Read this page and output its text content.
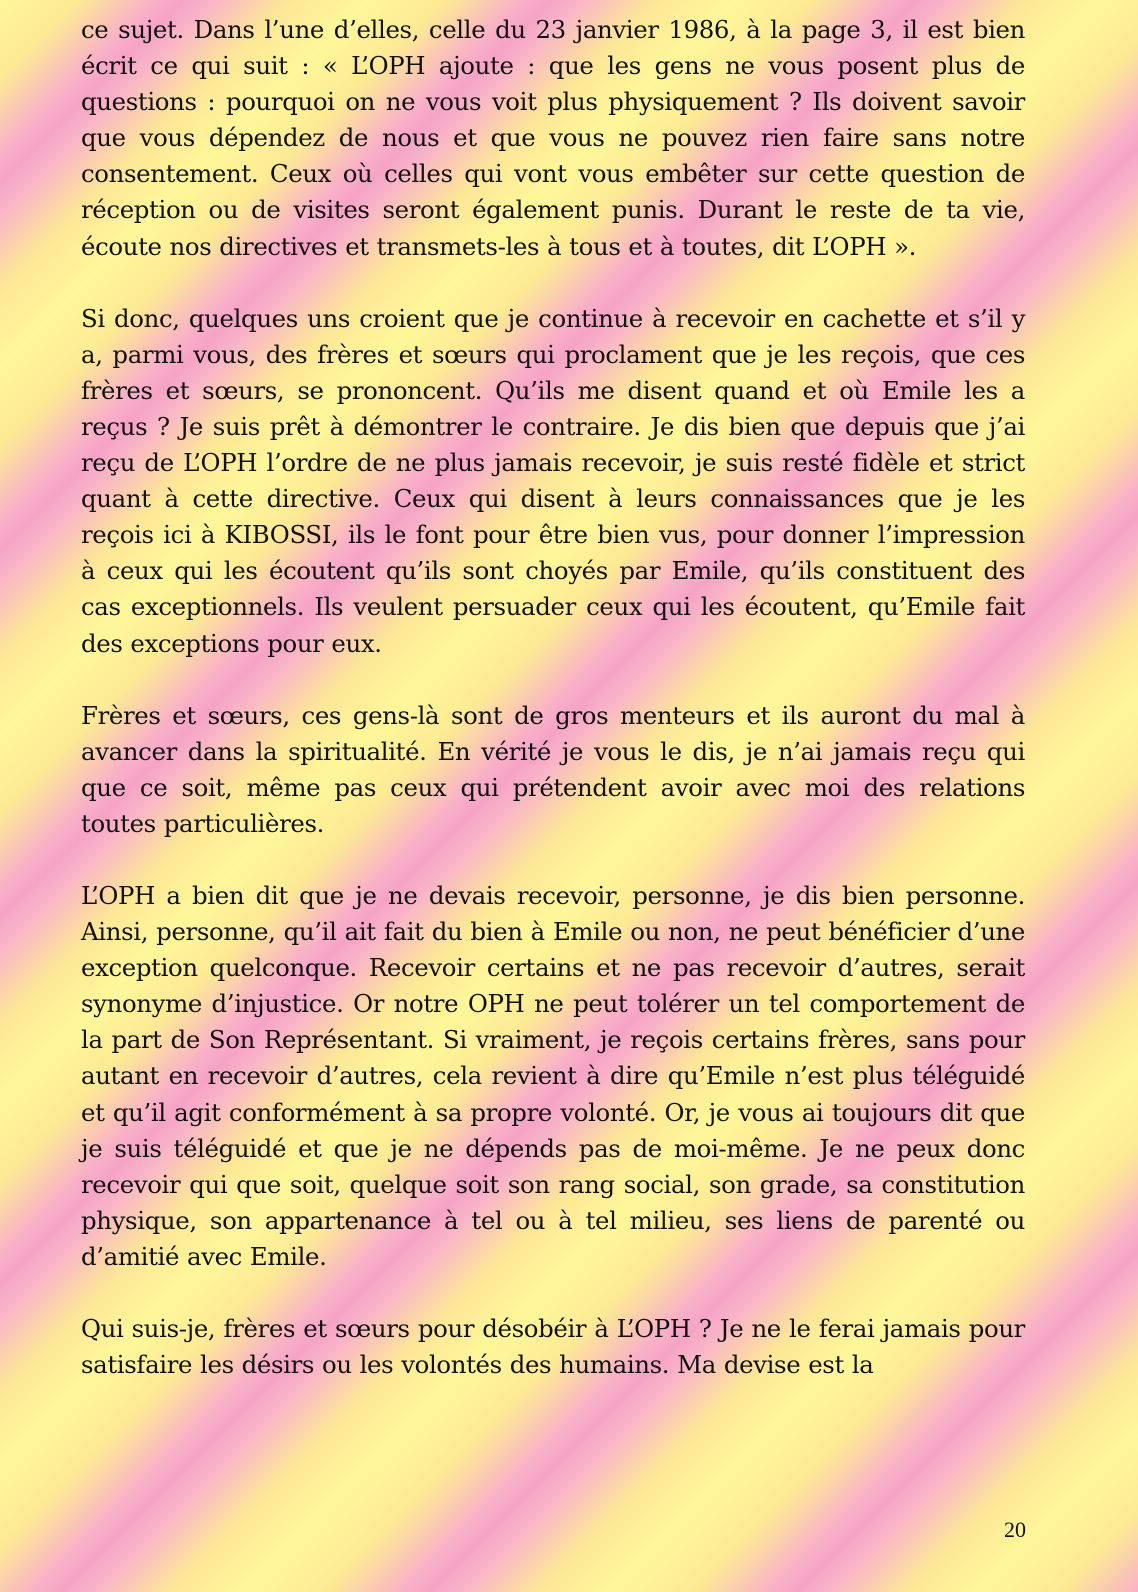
ce sujet. Dans l’une d’elles, celle du 23 janvier 1986, à la page 3, il est bien écrit ce qui suit : « L’OPH ajoute : que les gens ne vous posent plus de questions : pourquoi on ne vous voit plus physiquement ? Ils doivent savoir que vous dépendez de nous et que vous ne pouvez rien faire sans notre consentement. Ceux où celles qui vont vous embêter sur cette question de réception ou de visites seront également punis. Durant le reste de ta vie, écoute nos directives et transmets-les à tous et à toutes, dit L’OPH ».

Si donc, quelques uns croient que je continue à recevoir en cachette et s’il y a, parmi vous, des frères et sœurs qui proclament que je les reçois, que ces frères et sœurs, se prononcent. Qu’ils me disent quand et où Emile les a reçus ? Je suis prêt à démontrer le contraire. Je dis bien que depuis que j’ai reçu de L’OPH l’ordre de ne plus jamais recevoir, je suis resté fidèle et strict quant à cette directive. Ceux qui disent à leurs connaissances que je les reçois ici à KIBOSSI, ils le font pour être bien vus, pour donner l’impression à ceux qui les écoutent qu’ils sont choyés par Emile, qu’ils constituent des cas exceptionnels. Ils veulent persuader ceux qui les écoutent, qu’Emile fait des exceptions pour eux.

Frères et sœurs, ces gens-là sont de gros menteurs et ils auront du mal à avancer dans la spiritualité. En vérité je vous le dis, je n’ai jamais reçu qui que ce soit, même pas ceux qui prétendent avoir avec moi des relations toutes particulières.

L’OPH a bien dit que je ne devais recevoir, personne, je dis bien personne. Ainsi, personne, qu’il ait fait du bien à Emile ou non, ne peut bénéficier d’une exception quelconque. Recevoir certains et ne pas recevoir d’autres, serait synonyme d’injustice. Or notre OPH ne peut tolérer un tel comportement de la part de Son Représentant. Si vraiment, je reçois certains frères, sans pour autant en recevoir d’autres, cela revient à dire qu’Emile n’est plus téléguidé et qu’il agit conformément à sa propre volonté. Or, je vous ai toujours dit que je suis téléguidé et que je ne dépends pas de moi-même. Je ne peux donc recevoir qui que soit, quelque soit son rang social, son grade, sa constitution physique, son appartenance à tel ou à tel milieu, ses liens de parenté ou d’amitié avec Emile.

Qui suis-je, frères et sœurs pour désobéir à L’OPH ? Je ne le ferai jamais pour satisfaire les désirs ou les volontés des humains. Ma devise est la

20
